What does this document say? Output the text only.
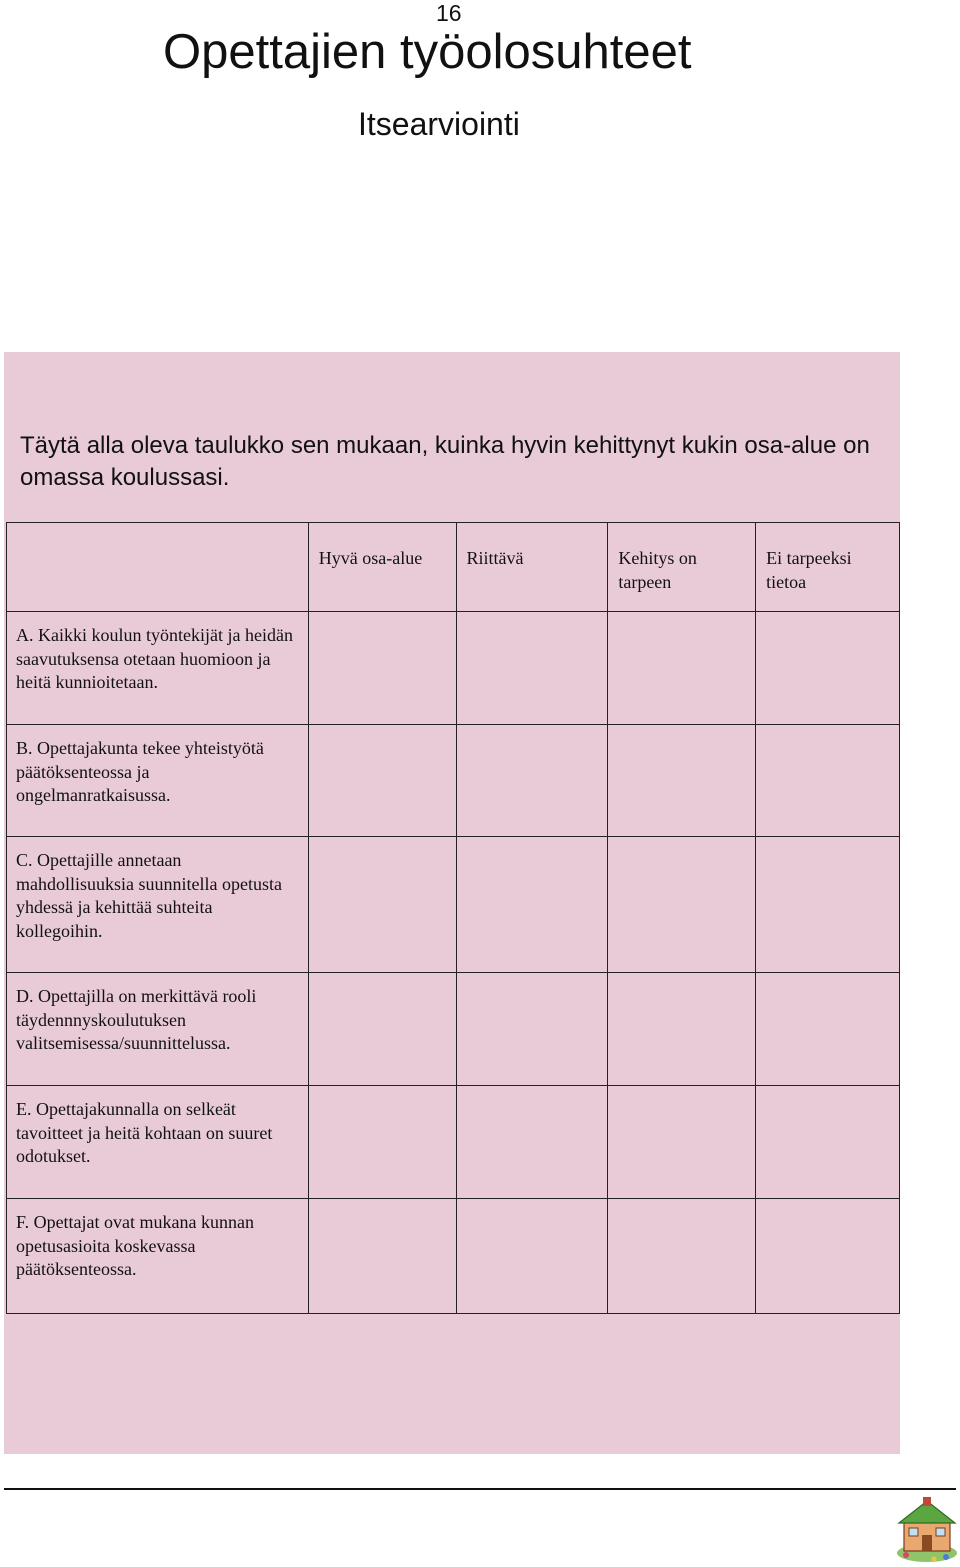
16
Opettajien työolosuhteet
Itsearviointi
Täytä alla oleva taulukko sen mukaan, kuinka hyvin kehittynyt kukin osa-alue on omassa koulussasi.
	Hyvä osa-alue	Riittävä	Kehitys on tarpeen	Ei tarpeeksi tietoa
A. Kaikki koulun työntekijät ja heidän saavutuksensa otetaan huomioon ja heitä kunnioitetaan.				
B. Opettajakunta tekee yhteistyötä päätöksenteossa ja ongelmanratkaisussa.				
C. Opettajille annetaan mahdollisuuksia suunnitella opetusta yhdessä ja kehittää suhteita kollegoihin.				
D. Opettajilla on merkittävä rooli täydennnyskoulutuksen valitsemisessa/suunnittelussa.				
E. Opettajakunnalla on selkeät tavoitteet ja heitä kohtaan on suuret odotukset.				
F. Opettajat ovat mukana kunnan opetusasioita koskevassa päätöksenteossa.				
